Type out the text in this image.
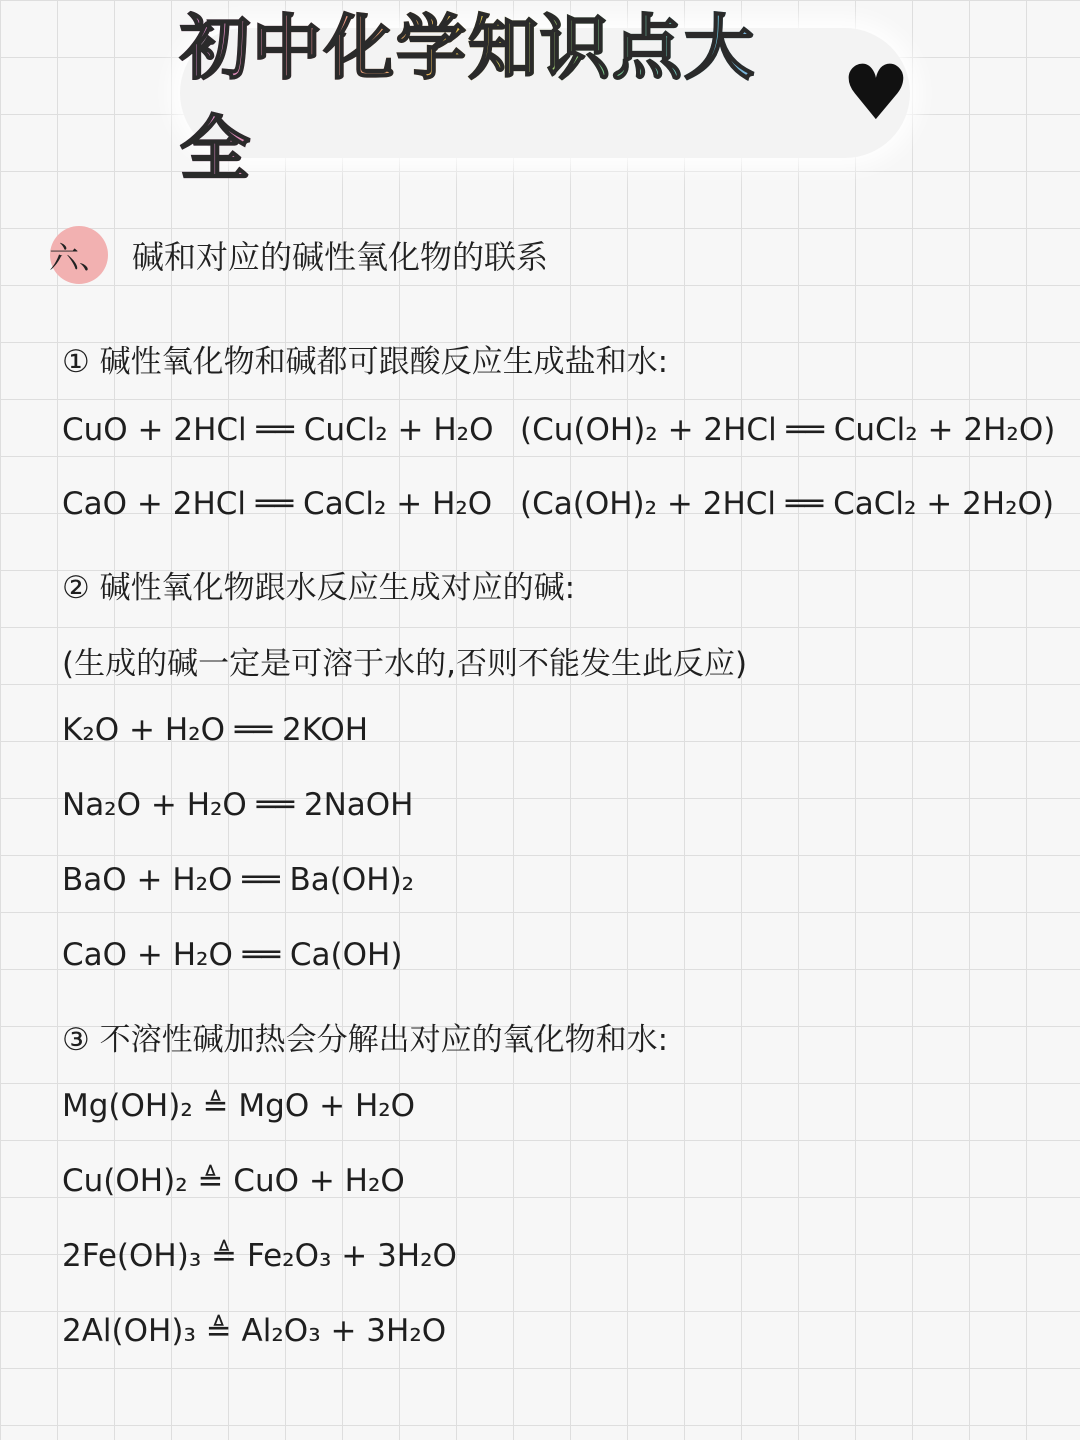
初中化学知识点大全
♥
六、 碱和对应的碱性氧化物的联系
① 碱性氧化物和碱都可跟酸反应生成盐和水:
CuO + 2HCl ══ CuCl₂ + H₂O (Cu(OH)₂ + 2HCl ══ CuCl₂ + 2H₂O)
CaO + 2HCl ══ CaCl₂ + H₂O (Ca(OH)₂ + 2HCl ══ CaCl₂ + 2H₂O)
② 碱性氧化物跟水反应生成对应的碱:
(生成的碱一定是可溶于水的,否则不能发生此反应)
K₂O + H₂O ══ 2KOH
Na₂O + H₂O ══ 2NaOH
BaO + H₂O ══ Ba(OH)₂
CaO + H₂O ══ Ca(OH)
③ 不溶性碱加热会分解出对应的氧化物和水:
Mg(OH)₂ ≜ MgO + H₂O
Cu(OH)₂ ≜ CuO + H₂O
2Fe(OH)₃ ≜ Fe₂O₃ + 3H₂O
2Al(OH)₃ ≜ Al₂O₃ + 3H₂O
